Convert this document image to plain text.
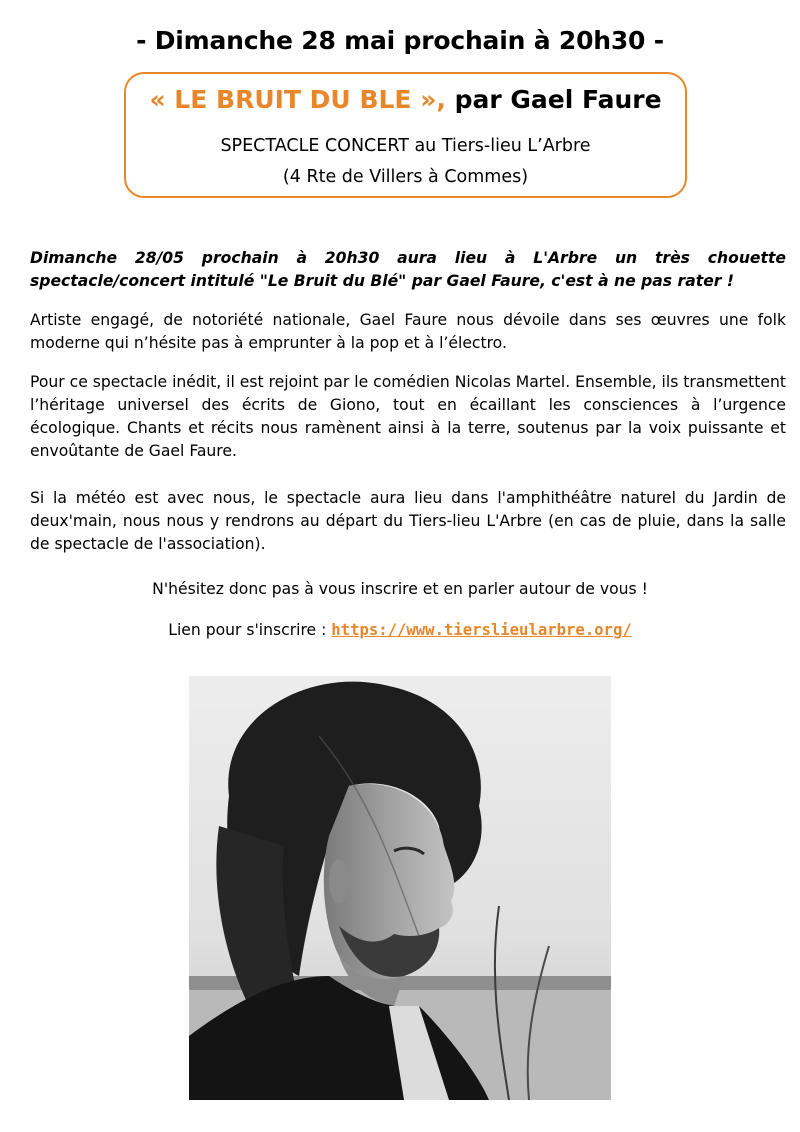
- Dimanche 28 mai prochain à 20h30 -
« LE BRUIT DU BLE », par Gael Faure
SPECTACLE CONCERT au Tiers-lieu L’Arbre
(4 Rte de Villers à Commes)

Dimanche 28/05 prochain à 20h30 aura lieu à L'Arbre un très chouette spectacle/concert intitulé "Le Bruit du Blé" par Gael Faure, c'est à ne pas rater !

Artiste engagé, de notoriété nationale, Gael Faure nous dévoile dans ses œuvres une folk moderne qui n’hésite pas à emprunter à la pop et à l’électro.

Pour ce spectacle inédit, il est rejoint par le comédien Nicolas Martel. Ensemble, ils transmettent l’héritage universel des écrits de Giono, tout en écaillant les consciences à l’urgence écologique. Chants et récits nous ramènent ainsi à la terre, soutenus par la voix puissante et envoûtante de Gael Faure.

Si la météo est avec nous, le spectacle aura lieu dans l'amphithéâtre naturel du Jardin de deux'main, nous nous y rendrons au départ du Tiers-lieu L'Arbre (en cas de pluie, dans la salle de spectacle de l'association).

N'hésitez donc pas à vous inscrire et en parler autour de vous !
Lien pour s'inscrire : https://www.tierslieularbre.org/
